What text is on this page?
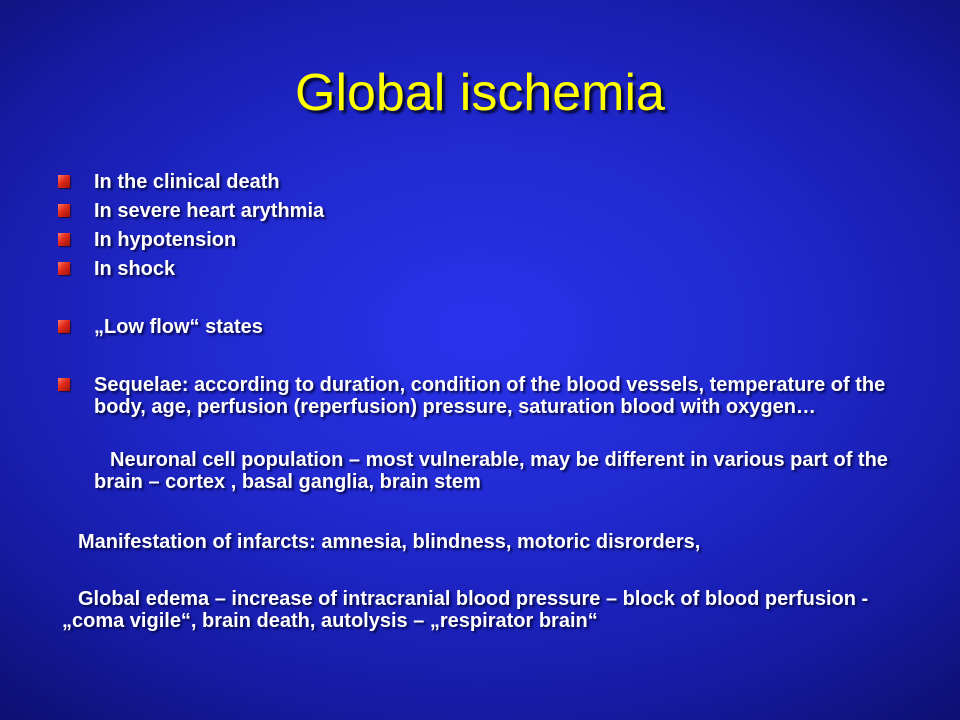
Global ischemia
In the clinical death
In severe heart arythmia
In hypotension
In shock
„Low flow“ states
Sequelae: according to duration, condition of the blood vessels, temperature of the body, age, perfusion (reperfusion) pressure, saturation blood with oxygen…
Neuronal cell population – most vulnerable, may be different in various part of the brain – cortex , basal ganglia, brain stem
Manifestation of infarcts: amnesia, blindness, motoric disrorders,
Global edema – increase of intracranial blood pressure – block of blood perfusion - „coma vigile“, brain death, autolysis – „respirator brain“
